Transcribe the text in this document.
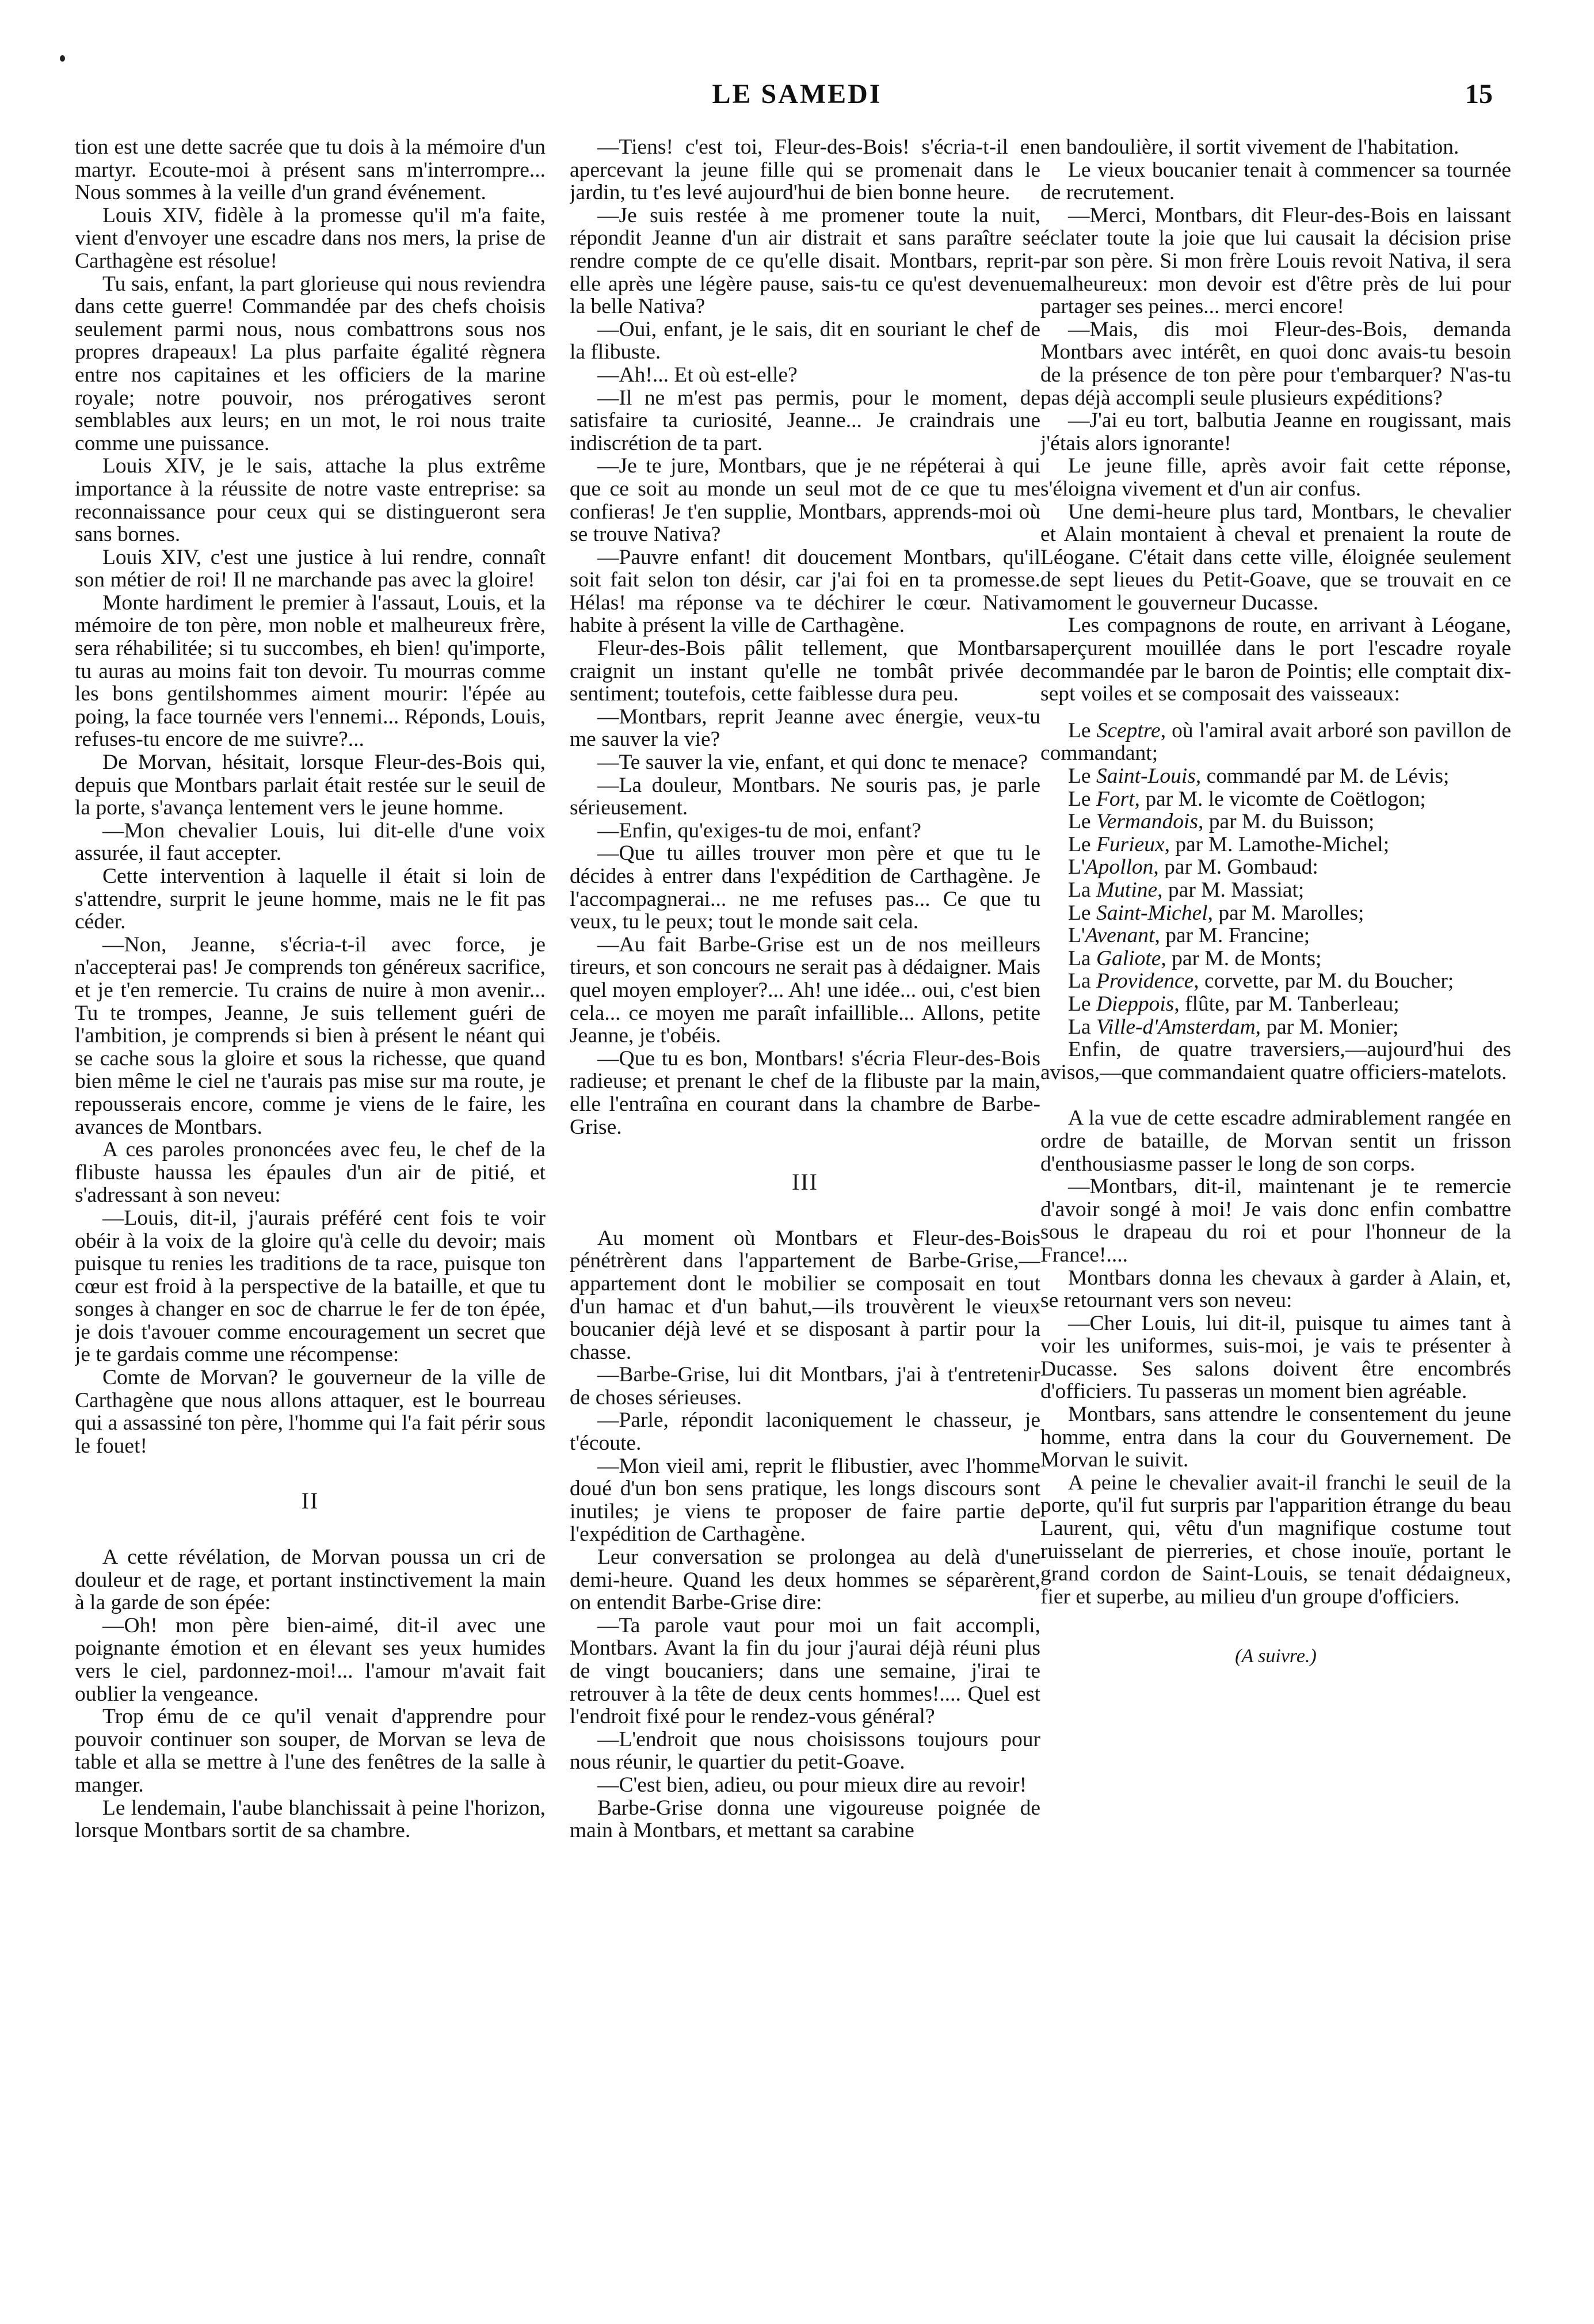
LE SAMEDI	15

tion est une dette sacrée que tu dois à la mémoire d'un martyr. Ecoute-moi à présent sans m'interrompre... Nous sommes à la veille d'un grand événement.

Louis XIV, fidèle à la promesse qu'il m'a faite, vient d'envoyer une escadre dans nos mers, la prise de Carthagène est résolue!

Tu sais, enfant, la part glorieuse qui nous reviendra dans cette guerre! Commandée par des chefs choisis seulement parmi nous, nous combattrons sous nos propres drapeaux! La plus parfaite égalité règnera entre nos capitaines et les officiers de la marine royale; notre pouvoir, nos prérogatives seront semblables aux leurs; en un mot, le roi nous traite comme une puissance.

Louis XIV, je le sais, attache la plus extrême importance à la réussite de notre vaste entreprise: sa reconnaissance pour ceux qui se distingueront sera sans bornes.

Louis XIV, c'est une justice à lui rendre, connaît son métier de roi! Il ne marchande pas avec la gloire!

Monte hardiment le premier à l'assaut, Louis, et la mémoire de ton père, mon noble et malheureux frère, sera réhabilitée; si tu succombes, eh bien! qu'importe, tu auras au moins fait ton devoir. Tu mourras comme les bons gentilshommes aiment mourir: l'épée au poing, la face tournée vers l'ennemi... Réponds, Louis, refuses-tu encore de me suivre?...

De Morvan, hésitait, lorsque Fleur-des-Bois qui, depuis que Montbars parlait était restée sur le seuil de la porte, s'avança lentement vers le jeune homme.

—Mon chevalier Louis, lui dit-elle d'une voix assurée, il faut accepter.

Cette intervention à laquelle il était si loin de s'attendre, surprit le jeune homme, mais ne le fit pas céder.

—Non, Jeanne, s'écria-t-il avec force, je n'accepterai pas! Je comprends ton généreux sacrifice, et je t'en remercie. Tu crains de nuire à mon avenir... Tu te trompes, Jeanne, Je suis tellement guéri de l'ambition, je comprends si bien à présent le néant qui se cache sous la gloire et sous la richesse, que quand bien même le ciel ne t'aurais pas mise sur ma route, je repousserais encore, comme je viens de le faire, les avances de Montbars.

A ces paroles prononcées avec feu, le chef de la flibuste haussa les épaules d'un air de pitié, et s'adressant à son neveu:

—Louis, dit-il, j'aurais préféré cent fois te voir obéir à la voix de la gloire qu'à celle du devoir; mais puisque tu renies les traditions de ta race, puisque ton cœur est froid à la perspective de la bataille, et que tu songes à changer en soc de charrue le fer de ton épée, je dois t'avouer comme encouragement un secret que je te gardais comme une récompense:

Comte de Morvan? le gouverneur de la ville de Carthagène que nous allons attaquer, est le bourreau qui a assassiné ton père, l'homme qui l'a fait périr sous le fouet!

II

A cette révélation, de Morvan poussa un cri de douleur et de rage, et portant instinctivement la main à la garde de son épée:

—Oh! mon père bien-aimé, dit-il avec une poignante émotion et en élevant ses yeux humides vers le ciel, pardonnez-moi!... l'amour m'avait fait oublier la vengeance.

Trop ému de ce qu'il venait d'apprendre pour pouvoir continuer son souper, de Morvan se leva de table et alla se mettre à l'une des fenêtres de la salle à manger.

Le lendemain, l'aube blanchissait à peine l'horizon, lorsque Montbars sortit de sa chambre.

—Tiens! c'est toi, Fleur-des-Bois! s'écria-t-il en apercevant la jeune fille qui se promenait dans le jardin, tu t'es levé aujourd'hui de bien bonne heure.

—Je suis restée à me promener toute la nuit, répondit Jeanne d'un air distrait et sans paraître se rendre compte de ce qu'elle disait. Montbars, reprit-elle après une légère pause, sais-tu ce qu'est devenue la belle Nativa?

—Oui, enfant, je le sais, dit en souriant le chef de la flibuste.

—Ah!... Et où est-elle?

—Il ne m'est pas permis, pour le moment, de satisfaire ta curiosité, Jeanne... Je craindrais une indiscrétion de ta part.

—Je te jure, Montbars, que je ne répéterai à qui que ce soit au monde un seul mot de ce que tu me confieras! Je t'en supplie, Montbars, apprends-moi où se trouve Nativa?

—Pauvre enfant! dit doucement Montbars, qu'il soit fait selon ton désir, car j'ai foi en ta promesse. Hélas! ma réponse va te déchirer le cœur. Nativa habite à présent la ville de Carthagène.

Fleur-des-Bois pâlit tellement, que Montbars craignit un instant qu'elle ne tombât privée de sentiment; toutefois, cette faiblesse dura peu.

—Montbars, reprit Jeanne avec énergie, veux-tu me sauver la vie?

—Te sauver la vie, enfant, et qui donc te menace?

—La douleur, Montbars. Ne souris pas, je parle sérieusement.

—Enfin, qu'exiges-tu de moi, enfant?

—Que tu ailles trouver mon père et que tu le décides à entrer dans l'expédition de Carthagène. Je l'accompagnerai... ne me refuses pas... Ce que tu veux, tu le peux; tout le monde sait cela.

—Au fait Barbe-Grise est un de nos meilleurs tireurs, et son concours ne serait pas à dédaigner. Mais quel moyen employer?... Ah! une idée... oui, c'est bien cela... ce moyen me paraît infaillible... Allons, petite Jeanne, je t'obéis.

—Que tu es bon, Montbars! s'écria Fleur-des-Bois radieuse; et prenant le chef de la flibuste par la main, elle l'entraîna en courant dans la chambre de Barbe-Grise.

III

Au moment où Montbars et Fleur-des-Bois pénétrèrent dans l'appartement de Barbe-Grise,—appartement dont le mobilier se composait en tout d'un hamac et d'un bahut,—ils trouvèrent le vieux boucanier déjà levé et se disposant à partir pour la chasse.

—Barbe-Grise, lui dit Montbars, j'ai à t'entretenir de choses sérieuses.

—Parle, répondit laconiquement le chasseur, je t'écoute.

—Mon vieil ami, reprit le flibustier, avec l'homme doué d'un bon sens pratique, les longs discours sont inutiles; je viens te proposer de faire partie de l'expédition de Carthagène.

Leur conversation se prolongea au delà d'une demi-heure. Quand les deux hommes se séparèrent, on entendit Barbe-Grise dire:

—Ta parole vaut pour moi un fait accompli, Montbars. Avant la fin du jour j'aurai déjà réuni plus de vingt boucaniers; dans une semaine, j'irai te retrouver à la tête de deux cents hommes!.... Quel est l'endroit fixé pour le rendez-vous général?

—L'endroit que nous choisissons toujours pour nous réunir, le quartier du petit-Goave.

—C'est bien, adieu, ou pour mieux dire au revoir!

Barbe-Grise donna une vigoureuse poignée de main à Montbars, et mettant sa carabine

en bandoulière, il sortit vivement de l'habitation.

Le vieux boucanier tenait à commencer sa tournée de recrutement.

—Merci, Montbars, dit Fleur-des-Bois en laissant éclater toute la joie que lui causait la décision prise par son père. Si mon frère Louis revoit Nativa, il sera malheureux: mon devoir est d'être près de lui pour partager ses peines... merci encore!

—Mais, dis moi Fleur-des-Bois, demanda Montbars avec intérêt, en quoi donc avais-tu besoin de la présence de ton père pour t'embarquer? N'as-tu pas déjà accompli seule plusieurs expéditions?

—J'ai eu tort, balbutia Jeanne en rougissant, mais j'étais alors ignorante!

Le jeune fille, après avoir fait cette réponse, s'éloigna vivement et d'un air confus.

Une demi-heure plus tard, Montbars, le chevalier et Alain montaient à cheval et prenaient la route de Léogane. C'était dans cette ville, éloignée seulement de sept lieues du Petit-Goave, que se trouvait en ce moment le gouverneur Ducasse.

Les compagnons de route, en arrivant à Léogane, aperçurent mouillée dans le port l'escadre royale commandée par le baron de Pointis; elle comptait dix-sept voiles et se composait des vaisseaux:

Le Sceptre, où l'amiral avait arboré son pavillon de commandant;

Le Saint-Louis, commandé par M. de Lévis;

Le Fort, par M. le vicomte de Coëtlogon;

Le Vermandois, par M. du Buisson;

Le Furieux, par M. Lamothe-Michel;

L'Apollon, par M. Gombaud:

La Mutine, par M. Massiat;

Le Saint-Michel, par M. Marolles;

L'Avenant, par M. Francine;

La Galiote, par M. de Monts;

La Providence, corvette, par M. du Boucher;

Le Dieppois, flûte, par M. Tanberleau;

La Ville-d'Amsterdam, par M. Monier;

Enfin, de quatre traversiers,—aujourd'hui des avisos,—que commandaient quatre officiers-matelots.

A la vue de cette escadre admirablement rangée en ordre de bataille, de Morvan sentit un frisson d'enthousiasme passer le long de son corps.

—Montbars, dit-il, maintenant je te remercie d'avoir songé à moi! Je vais donc enfin combattre sous le drapeau du roi et pour l'honneur de la France!....

Montbars donna les chevaux à garder à Alain, et, se retournant vers son neveu:

—Cher Louis, lui dit-il, puisque tu aimes tant à voir les uniformes, suis-moi, je vais te présenter à Ducasse. Ses salons doivent être encombrés d'officiers. Tu passeras un moment bien agréable.

Montbars, sans attendre le consentement du jeune homme, entra dans la cour du Gouvernement. De Morvan le suivit.

A peine le chevalier avait-il franchi le seuil de la porte, qu'il fut surpris par l'apparition étrange du beau Laurent, qui, vêtu d'un magnifique costume tout ruisselant de pierreries, et chose inouïe, portant le grand cordon de Saint-Louis, se tenait dédaigneux, fier et superbe, au milieu d'un groupe d'officiers.

(A suivre.)
